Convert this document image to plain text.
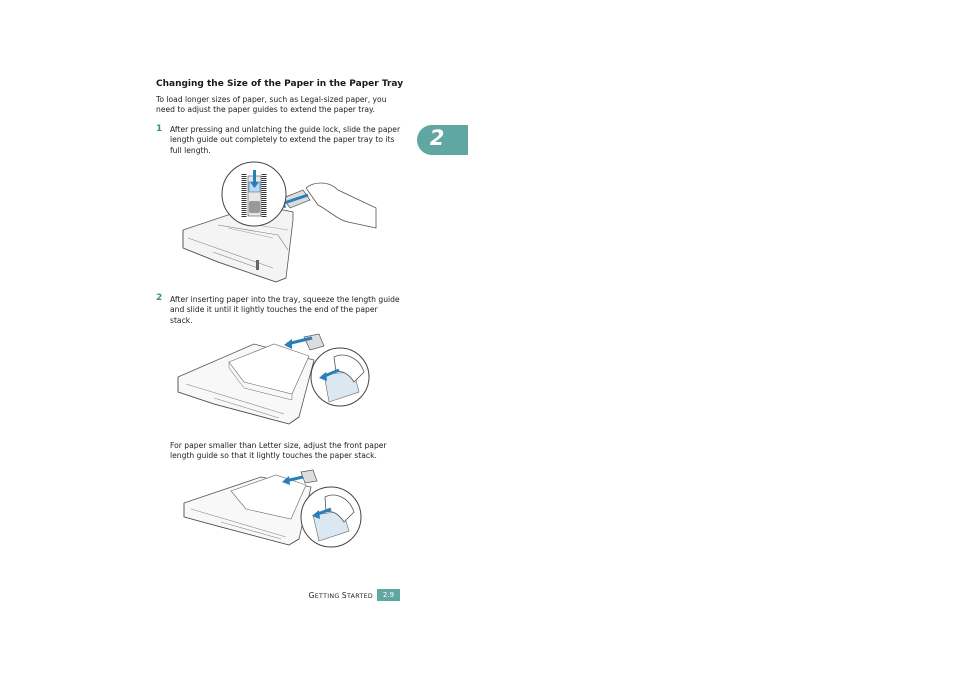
Changing the Size of the Paper in the Paper Tray
To load longer sizes of paper, such as Legal-sized paper, you need to adjust the paper guides to extend the paper tray.
1 After pressing and unlatching the guide lock, slide the paper length guide out completely to extend the paper tray to its full length.
2 After inserting paper into the tray, squeeze the length guide and slide it until it lightly touches the end of the paper stack.
For paper smaller than Letter size, adjust the front paper length guide so that it lightly touches the paper stack.
2
GETTING STARTED	2.9
